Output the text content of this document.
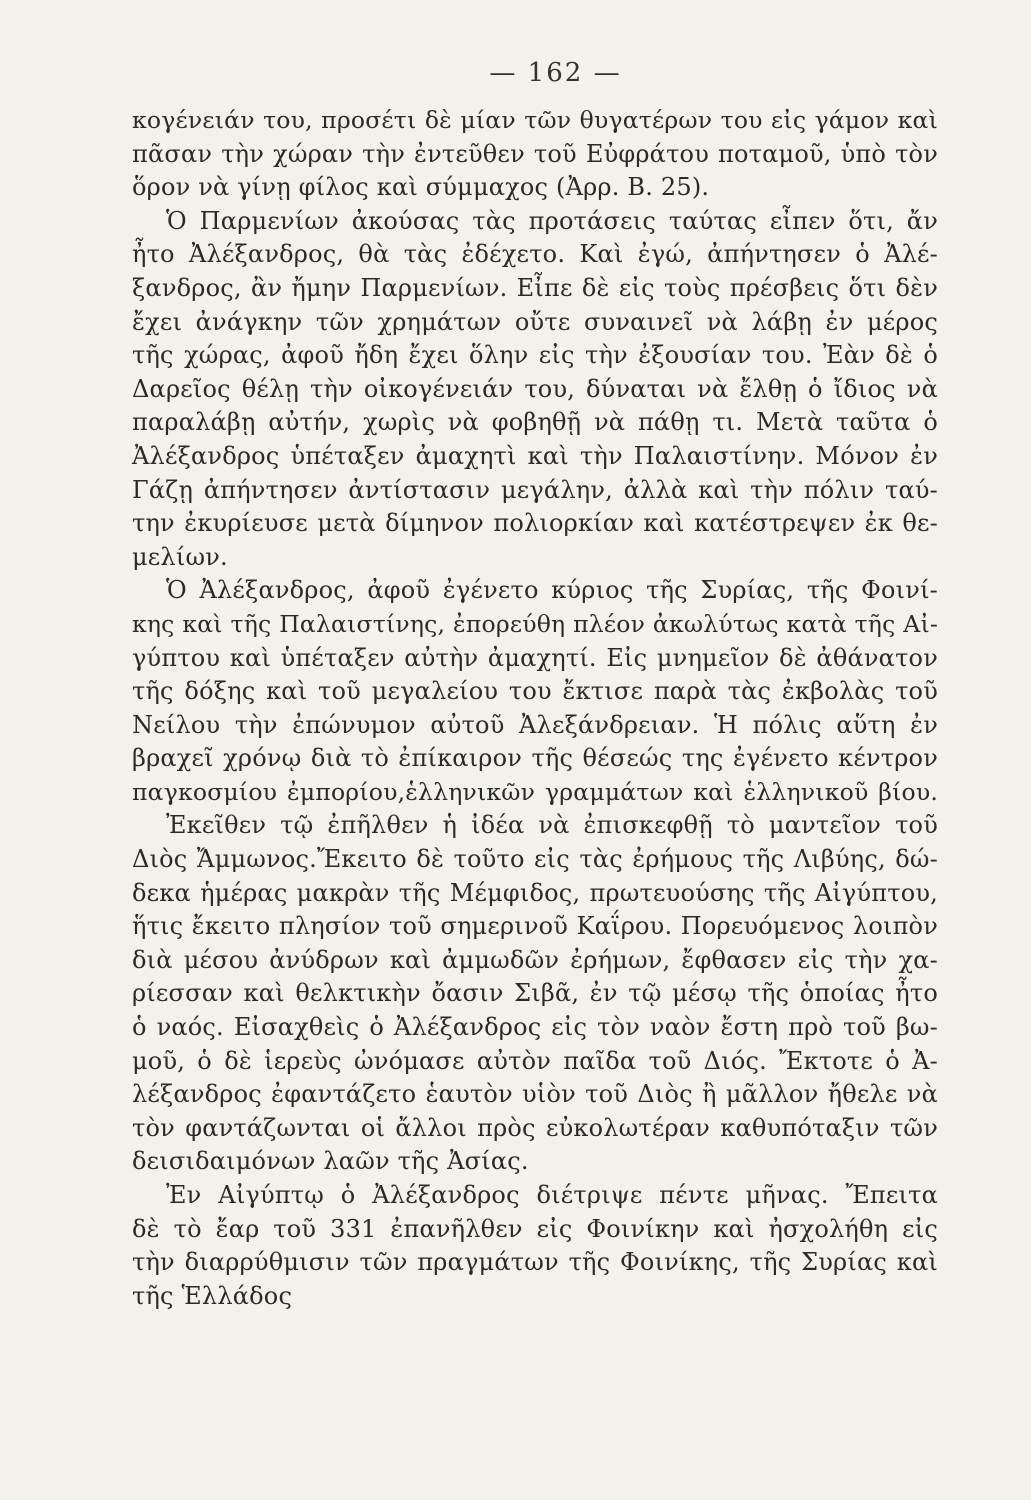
— 162 —
κογένειάν του, προσέτι δὲ μίαν τῶν θυγατέρων του εἰς γάμον καὶ
πᾶσαν τὴν χώραν τὴν ἐντεῦθεν τοῦ Εὐφράτου ποταμοῦ, ὑπὸ τὸν
ὅρον νὰ γίνῃ φίλος καὶ σύμμαχος (Ἀρρ. Β. 25).
Ὁ Παρμενίων ἀκούσας τὰς προτάσεις ταύτας εἶπεν ὅτι, ἄν
ἦτο Ἀλέξανδρος, θὰ τὰς ἐδέχετο. Καὶ ἐγώ, ἀπήντησεν ὁ Ἀλέ-
ξανδρος, ἂν ἤμην Παρμενίων. Εἶπε δὲ εἰς τοὺς πρέσβεις ὅτι δὲν
ἔχει ἀνάγκην τῶν χρημάτων οὔτε συναινεῖ νὰ λάβῃ ἐν μέρος
τῆς χώρας, ἀφοῦ ἤδη ἔχει ὅλην εἰς τὴν ἐξουσίαν του. Ἐὰν δὲ ὁ
Δαρεῖος θέλῃ τὴν οἰκογένειάν του, δύναται νὰ ἔλθῃ ὁ ἴδιος νὰ
παραλάβῃ αὐτήν, χωρὶς νὰ φοβηθῇ νὰ πάθῃ τι. Μετὰ ταῦτα ὁ
Ἀλέξανδρος ὑπέταξεν ἀμαχητὶ καὶ τὴν Παλαιστίνην. Μόνον ἐν
Γάζῃ ἀπήντησεν ἀντίστασιν μεγάλην, ἀλλὰ καὶ τὴν πόλιν ταύ-
την ἐκυρίευσε μετὰ δίμηνον πολιορκίαν καὶ κατέστρεψεν ἐκ θε-
μελίων.
Ὁ Ἀλέξανδρος, ἀφοῦ ἐγένετο κύριος τῆς Συρίας, τῆς Φοινί-
κης καὶ τῆς Παλαιστίνης, ἐπορεύθη πλέον ἀκωλύτως κατὰ τῆς Αἰ-
γύπτου καὶ ὑπέταξεν αὐτὴν ἀμαχητί. Εἰς μνημεῖον δὲ ἀθάνατον
τῆς δόξης καὶ τοῦ μεγαλείου του ἔκτισε παρὰ τὰς ἐκβολὰς τοῦ
Νείλου τὴν ἐπώνυμον αὐτοῦ Ἀλεξάνδρειαν. Ἡ πόλις αὕτη ἐν
βραχεῖ χρόνῳ διὰ τὸ ἐπίκαιρον τῆς θέσεώς της ἐγένετο κέντρον
παγκοσμίου ἐμπορίου,ἑλληνικῶν γραμμάτων καὶ ἑλληνικοῦ βίου.
Ἐκεῖθεν τῷ ἐπῆλθεν ἡ ἰδέα νὰ ἐπισκεφθῇ τὸ μαντεῖον τοῦ
Διὸς Ἄμμωνος.Ἔκειτο δὲ τοῦτο εἰς τὰς ἐρήμους τῆς Λιβύης, δώ-
δεκα ἡμέρας μακρὰν τῆς Μέμφιδος, πρωτευούσης τῆς Αἰγύπτου,
ἥτις ἔκειτο πλησίον τοῦ σημερινοῦ Καΐρου. Πορευόμενος λοιπὸν
διὰ μέσου ἀνύδρων καὶ ἀμμωδῶν ἐρήμων, ἔφθασεν εἰς τὴν χα-
ρίεσσαν καὶ θελκτικὴν ὄασιν Σιβᾶ, ἐν τῷ μέσῳ τῆς ὁποίας ἦτο
ὁ ναός. Εἰσαχθεὶς ὁ Ἀλέξανδρος εἰς τὸν ναὸν ἔστη πρὸ τοῦ βω-
μοῦ, ὁ δὲ ἱερεὺς ὠνόμασε αὐτὸν παῖδα τοῦ Διός. Ἔκτοτε ὁ Ἀ-
λέξανδρος ἐφαντάζετο ἑαυτὸν υἱὸν τοῦ Διὸς ἢ μᾶλλον ἤθελε νὰ
τὸν φαντάζωνται οἱ ἄλλοι πρὸς εὐκολωτέραν καθυπόταξιν τῶν
δεισιδαιμόνων λαῶν τῆς Ἀσίας.
Ἐν Αἰγύπτῳ ὁ Ἀλέξανδρος διέτριψε πέντε μῆνας. Ἔπειτα
δὲ τὸ ἔαρ τοῦ 331 ἐπανῆλθεν εἰς Φοινίκην καὶ ἠσχολήθη εἰς
τὴν διαρρύθμισιν τῶν πραγμάτων τῆς Φοινίκης, τῆς Συρίας καὶ
τῆς Ἑλλάδος
